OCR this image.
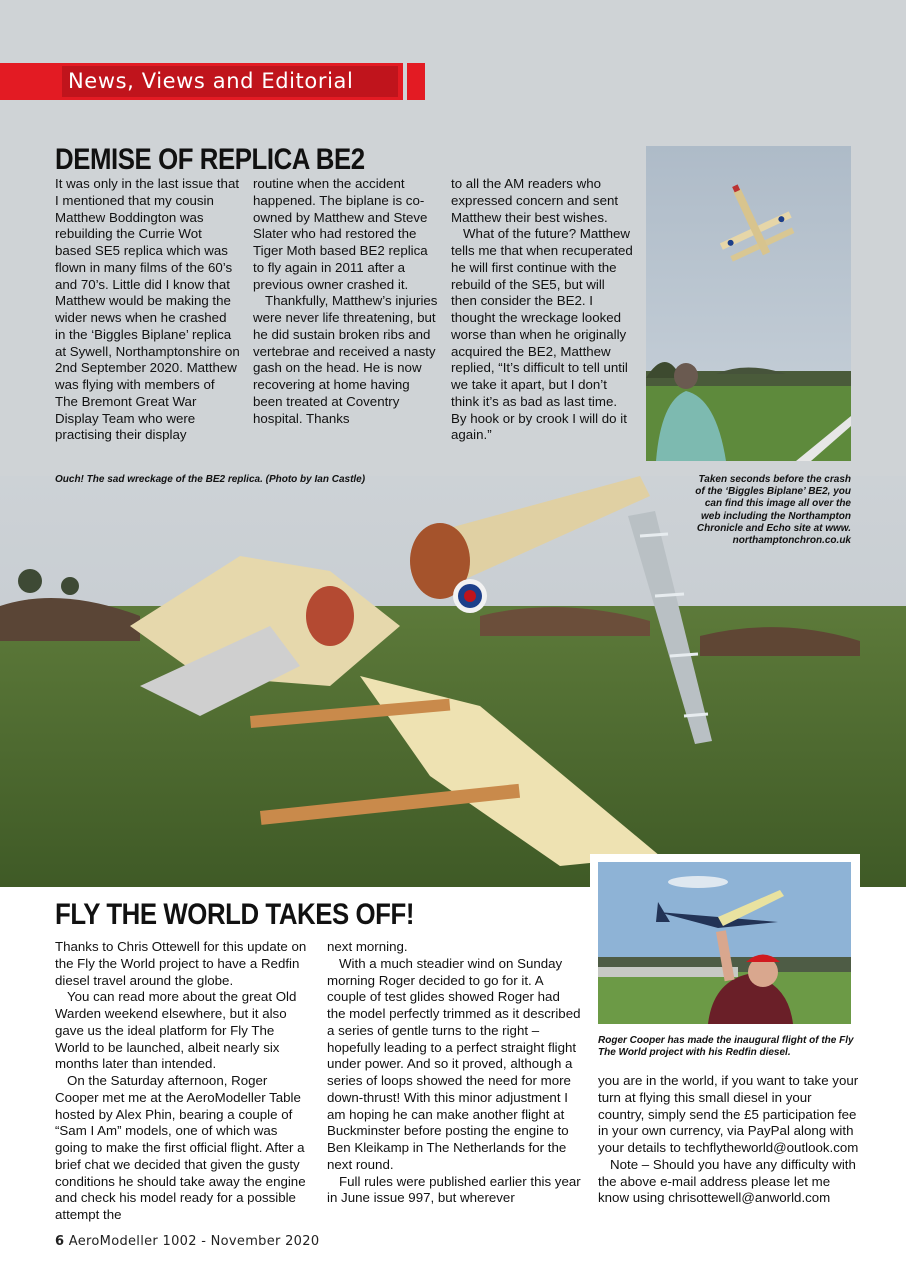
News, Views and Editorial
DEMISE OF REPLICA BE2

It was only in the last issue that I mentioned that my cousin Matthew Boddington was rebuilding the Currie Wot based SE5 replica which was flown in many films of the 60’s and 70’s. Little did I know that Matthew would be making the wider news when he crashed in the ‘Biggles Biplane’ replica at Sywell, Northamptonshire on 2nd September 2020. Matthew was flying with members of The Bremont Great War Display Team who were practising their display

routine when the accident happened. The biplane is co-owned by Matthew and Steve Slater who had restored the Tiger Moth based BE2 replica to fly again in 2011 after a previous owner crashed it.

Thankfully, Matthew’s injuries were never life threatening, but he did sustain broken ribs and vertebrae and received a nasty gash on the head. He is now recovering at home having been treated at Coventry hospital. Thanks

to all the AM readers who expressed concern and sent Matthew their best wishes.

What of the future? Matthew tells me that when recuperated he will first continue with the rebuild of the SE5, but will then consider the BE2. I thought the wreckage looked worse than when he originally acquired the BE2, Matthew replied, “It’s difficult to tell until we take it apart, but I don’t think it’s as bad as last time. By hook or by crook I will do it again.”

Ouch! The sad wreckage of the BE2 replica. (Photo by Ian Castle)	Taken seconds before the crash of the ‘Biggles Biplane’ BE2, you can find this image all over the web including the Northampton Chronicle and Echo site at www. northamptonchron.co.uk
Roger Cooper has made the inaugural flight of the Fly The World project with his Redfin diesel.
FLY THE WORLD TAKES OFF!

Thanks to Chris Ottewell for this update on the Fly the World project to have a Redfin diesel travel around the globe.

You can read more about the great Old Warden weekend elsewhere, but it also gave us the ideal platform for Fly The World to be launched, albeit nearly six months later than intended.

On the Saturday afternoon, Roger Cooper met me at the AeroModeller Table hosted by Alex Phin, bearing a couple of “Sam I Am” models, one of which was going to make the first official flight. After a brief chat we decided that given the gusty conditions he should take away the engine and check his model ready for a possible attempt the

next morning.

With a much steadier wind on Sunday morning Roger decided to go for it. A couple of test glides showed Roger had the model perfectly trimmed as it described a series of gentle turns to the right – hopefully leading to a perfect straight flight under power. And so it proved, although a series of loops showed the need for more down-thrust! With this minor adjustment I am hoping he can make another flight at Buckminster before posting the engine to Ben Kleikamp in The Netherlands for the next round.

Full rules were published earlier this year in June issue 997, but wherever

you are in the world, if you want to take your turn at flying this small diesel in your country, simply send the £5 participation fee in your own currency, via PayPal along with your details to techflytheworld@outlook.com

Note – Should you have any difficulty with the above e-mail address please let me know using chrisottewell@anworld.com

6 AeroModeller 1002 - November 2020
